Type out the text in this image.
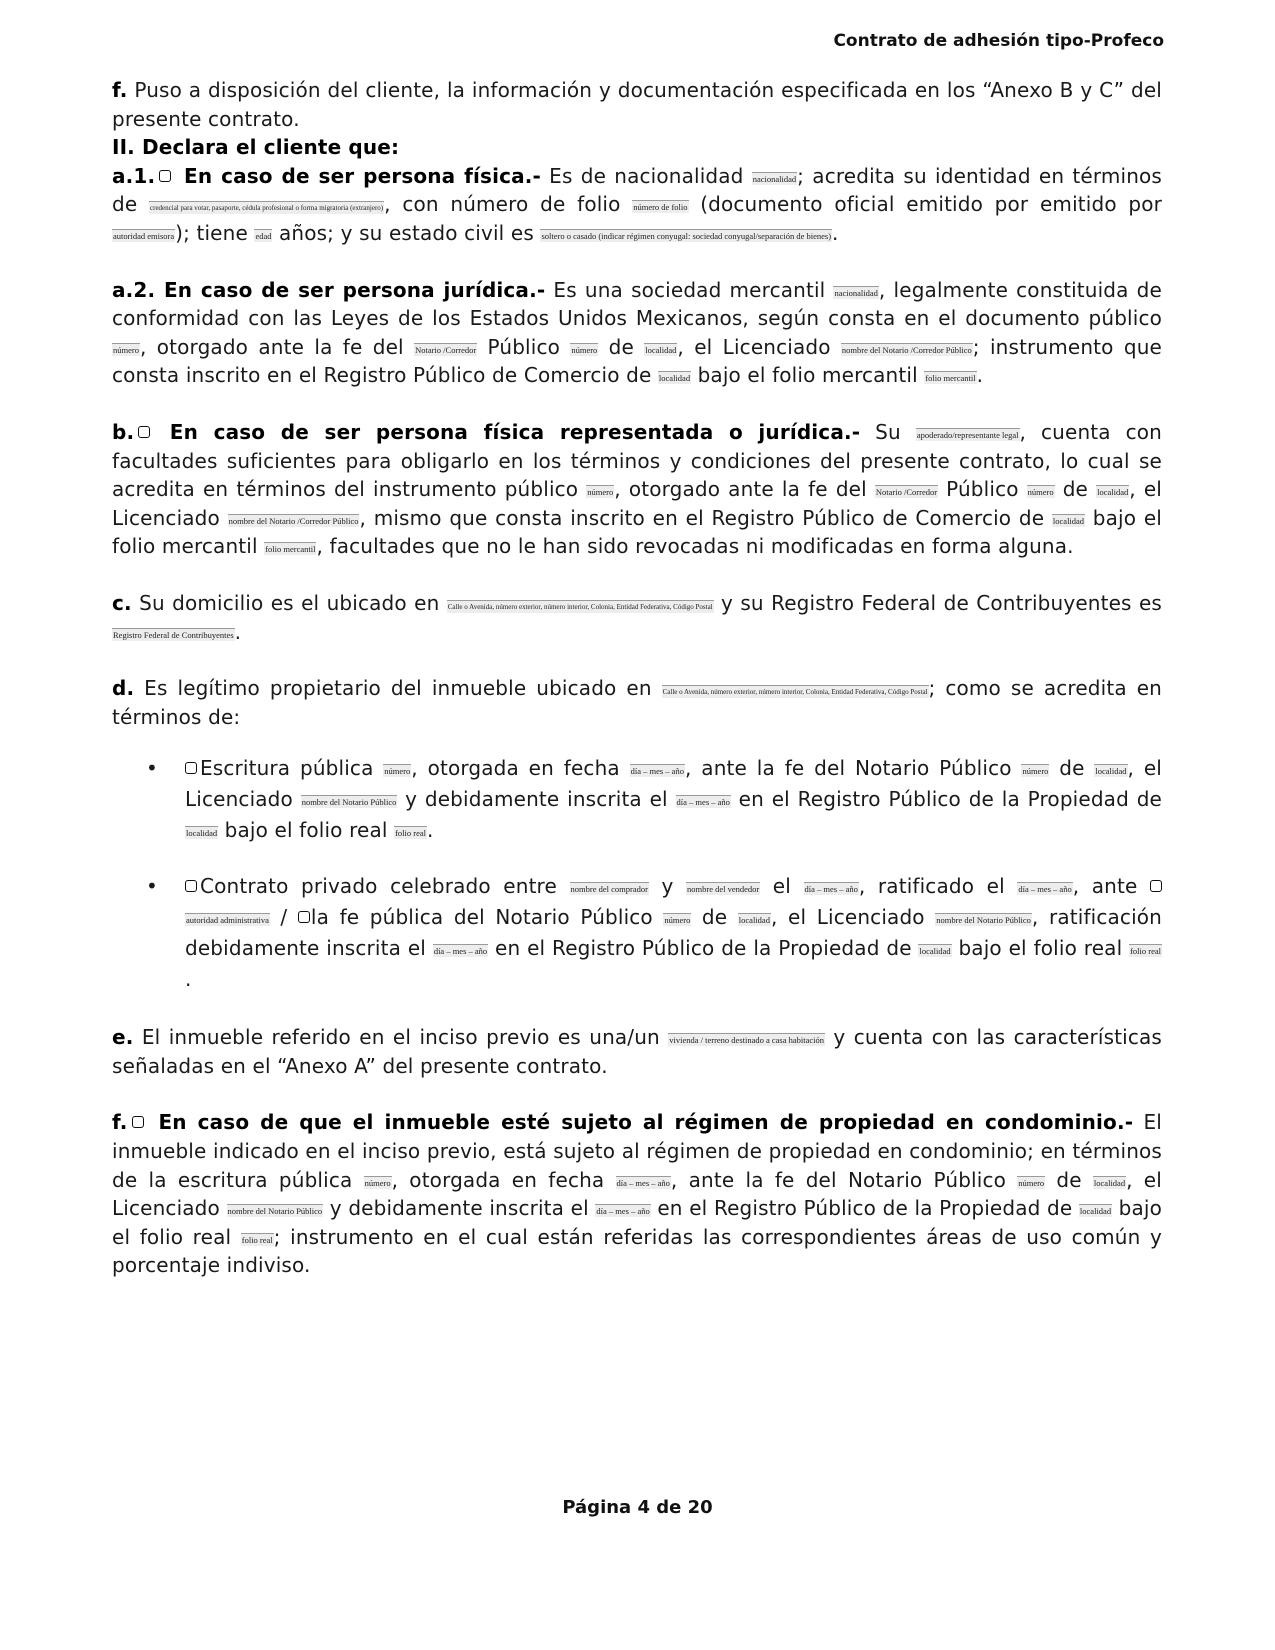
Contrato de adhesión tipo-Profeco

f. Puso a disposición del cliente, la información y documentación especificada en los “Anexo B y C” del presente contrato.

II. Declara el cliente que:

a.1. En caso de ser persona física.- Es de nacionalidad nacionalidad; acredita su identidad en términos de credencial para votar, pasaporte, cédula profesional o forma migratoria (extranjero), con número de folio número de folio (documento oficial emitido por emitido por autoridad emisora); tiene edad años; y su estado civil es soltero o casado (indicar régimen conyugal: sociedad conyugal/separación de bienes).

a.2. En caso de ser persona jurídica.- Es una sociedad mercantil nacionalidad, legalmente constituida de conformidad con las Leyes de los Estados Unidos Mexicanos, según consta en el documento público número, otorgado ante la fe del Notario /Corredor Público número de localidad, el Licenciado nombre del Notario /Corredor Público; instrumento que consta inscrito en el Registro Público de Comercio de localidad bajo el folio mercantil folio mercantil.

b. En caso de ser persona física representada o jurídica.- Su apoderado/representante legal, cuenta con facultades suficientes para obligarlo en los términos y condiciones del presente contrato, lo cual se acredita en términos del instrumento público número, otorgado ante la fe del Notario /Corredor Público número de localidad, el Licenciado nombre del Notario /Corredor Público, mismo que consta inscrito en el Registro Público de Comercio de localidad bajo el folio mercantil folio mercantil, facultades que no le han sido revocadas ni modificadas en forma alguna.

c. Su domicilio es el ubicado en Calle o Avenida, número exterior, número interior, Colonia, Entidad Federativa, Código Postal y su Registro Federal de Contribuyentes es Registro Federal de Contribuyentes.

d. Es legítimo propietario del inmueble ubicado en Calle o Avenida, número exterior, número interior, Colonia, Entidad Federativa, Código Postal; como se acredita en términos de:

• Escritura pública número, otorgada en fecha día – mes – año, ante la fe del Notario Público número de localidad, el Licenciado nombre del Notario Público y debidamente inscrita el día – mes – año en el Registro Público de la Propiedad de localidad bajo el folio real folio real.
• Contrato privado celebrado entre nombre del comprador y nombre del vendedor el día – mes – año, ratificado el día – mes – año, ante autoridad administrativa / la fe pública del Notario Público número de localidad, el Licenciado nombre del Notario Público, ratificación debidamente inscrita el día – mes – año en el Registro Público de la Propiedad de localidad bajo el folio real folio real.

e. El inmueble referido en el inciso previo es una/un vivienda / terreno destinado a casa habitación y cuenta con las características señaladas en el “Anexo A” del presente contrato.

f. En caso de que el inmueble esté sujeto al régimen de propiedad en condominio.- El inmueble indicado en el inciso previo, está sujeto al régimen de propiedad en condominio; en términos de la escritura pública número, otorgada en fecha día – mes – año, ante la fe del Notario Público número de localidad, el Licenciado nombre del Notario Público y debidamente inscrita el día – mes – año en el Registro Público de la Propiedad de localidad bajo el folio real folio real; instrumento en el cual están referidas las correspondientes áreas de uso común y porcentaje indiviso.

Página 4 de 20
